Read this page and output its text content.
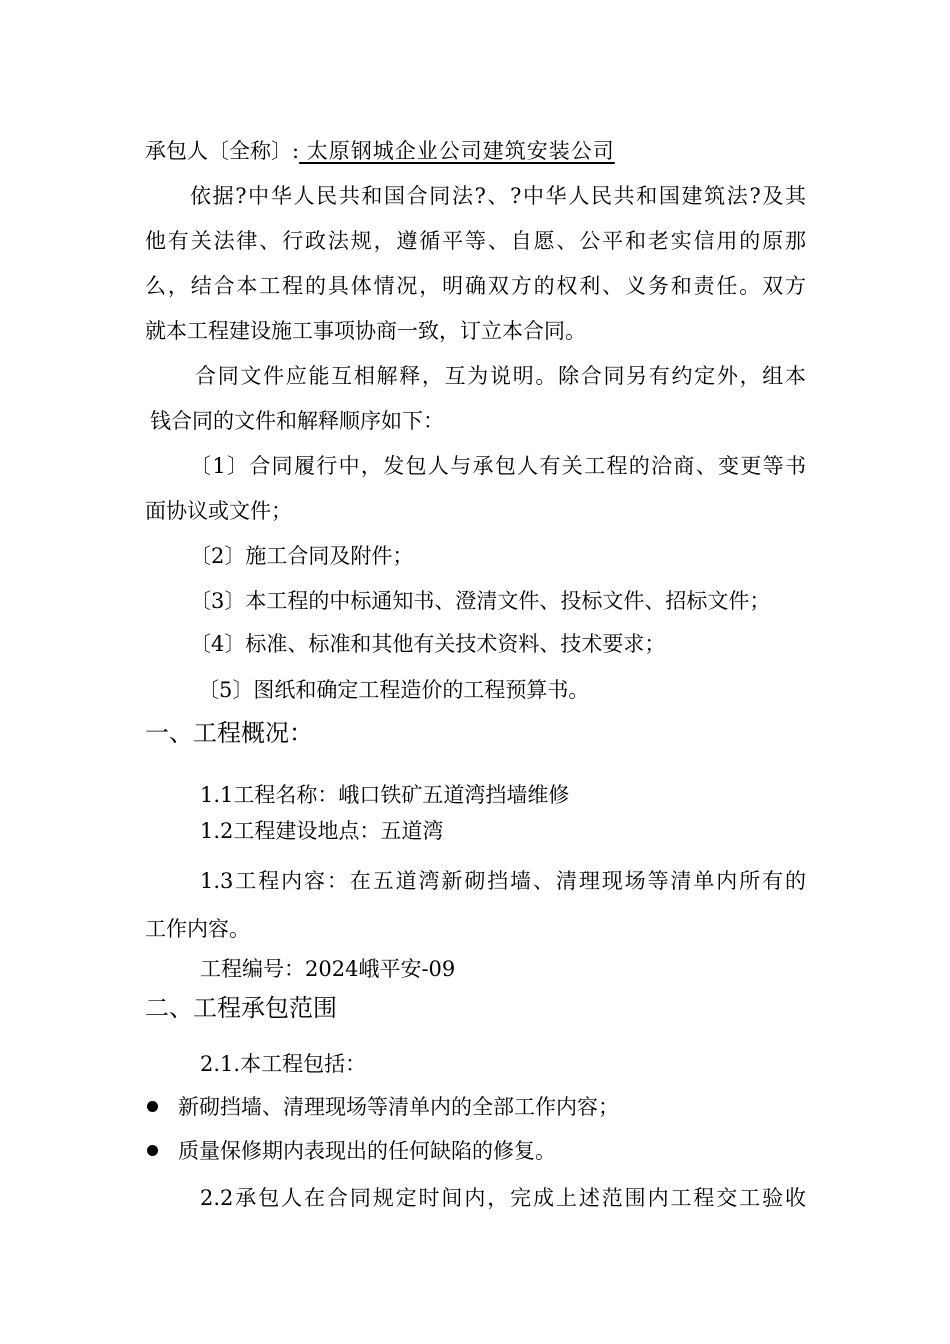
承包人〔全称〕: 太原钢城企业公司建筑安装公司
依据?中华人民共和国合同法?、?中华人民共和国建筑法?及其
他有关法律、行政法规，遵循平等、自愿、公平和老实信用的原那
么，结合本工程的具体情况，明确双方的权利、义务和责任。双方
就本工程建设施工事项协商一致，订立本合同。
合同文件应能互相解释，互为说明。除合同另有约定外，组本
钱合同的文件和解释顺序如下：
〔1〕合同履行中，发包人与承包人有关工程的洽商、变更等书
面协议或文件；
〔2〕施工合同及附件；
〔3〕本工程的中标通知书、澄清文件、投标文件、招标文件；
〔4〕标准、标准和其他有关技术资料、技术要求；
〔5〕图纸和确定工程造价的工程预算书。
一、工程概况：
1.1工程名称：峨口铁矿五道湾挡墙维修
1.2工程建设地点：五道湾
1.3工程内容：在五道湾新砌挡墙、清理现场等清单内所有的
工作内容。
工程编号：2024峨平安-09
二、工程承包范围
2.1.本工程包括：
新砌挡墙、清理现场等清单内的全部工作内容；
质量保修期内表现出的任何缺陷的修复。
2.2承包人在合同规定时间内，完成上述范围内工程交工验收
